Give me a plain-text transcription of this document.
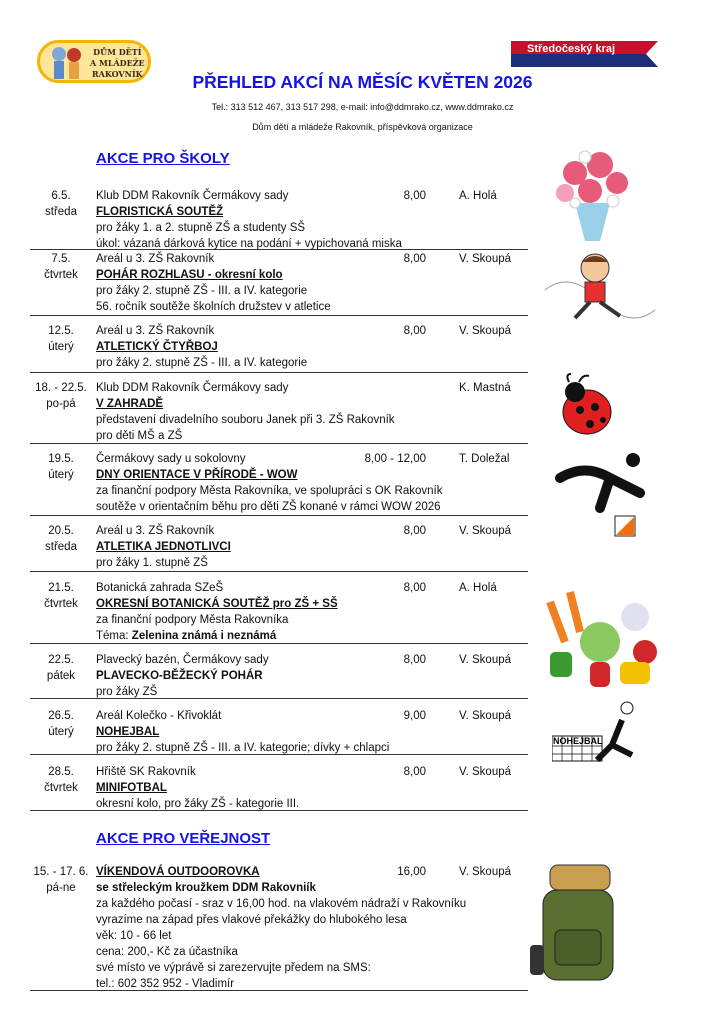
DŮM DĚTÍ
A MLÁDEŽE
RAKOVNÍK
Středočeský kraj
PŘEHLED AKCÍ NA MĚSÍC KVĚTEN 2026
Tel.: 313 512 467, 313 517 298, e-mail: info@ddmrako.cz, www.ddmrako.cz
Dům dětí a mládeže Rakovník, příspěvková organizace
AKCE PRO ŠKOLY
AKCE PRO VEŘEJNOST
6.5.	Klub DDM Rakovník Čermákovy sady	8,00	A. Holá
středa	FLORISTICKÁ SOUTĚŽ
pro žáky 1. a 2. stupně ZŠ a studenty SŠ
úkol: vázaná dárková kytice na podání + vypichovaná miska
7.5.	Areál u 3. ZŠ Rakovník	8,00	V. Skoupá
čtvrtek	POHÁR ROZHLASU - okresní kolo
pro žáky 2. stupně ZŠ - III. a IV. kategorie
56. ročník soutěže školních družstev v atletice
12.5.	Areál u 3. ZŠ Rakovník	8,00	V. Skoupá
úterý	ATLETICKÝ ČTYŘBOJ
pro žáky 2. stupně ZŠ - III. a IV. kategorie
18. - 22.5. Klub DDM Rakovník Čermákovy sady	K. Mastná
po-pá	V ZAHRADĚ
představení divadelního souboru Janek při 3. ZŠ Rakovník
pro děti MŠ a ZŠ
19.5.	Čermákovy sady u sokolovny	8,00 - 12,00	T. Doležal
úterý	DNY ORIENTACE V PŘÍRODĚ - WOW
za finanční podpory Města Rakovníka, ve spolupráci s OK Rakovník
soutěže v orientačním běhu pro děti ZŠ konané v rámci WOW 2026
20.5.	Areál u 3. ZŠ Rakovník	8,00	V. Skoupá
středa	ATLETIKA JEDNOTLIVCI
pro žáky 1. stupně ZŠ
21.5.	Botanická zahrada SZeŠ	8,00	A. Holá
čtvrtek	OKRESNÍ BOTANICKÁ SOUTĚŽ pro ZŠ + SŠ
za finanční podpory Města Rakovníka
Téma: Zelenina známá i neznámá
22.5.	Plavecký bazén, Čermákovy sady	8,00	V. Skoupá
pátek	PLAVECKO-BĚŽECKÝ POHÁR
pro žáky ZŠ
26.5.	Areál Kolečko - Křivoklát	9,00	V. Skoupá
úterý	NOHEJBAL
pro žáky 2. stupně ZŠ - III. a IV. kategorie; dívky + chlapci
28.5.	Hřiště SK Rakovník	8,00	V. Skoupá
čtvrtek	MINIFOTBAL
okresní kolo, pro žáky ZŠ - kategorie III.
15. - 17. 6. VÍKENDOVÁ OUTDOOROVKA	16,00	V. Skoupá
pá-ne	se střeleckým kroužkem DDM Rakovniík
za každého počasí - sraz v 16,00 hod. na vlakovém nádraží v Rakovníku
vyrazíme na západ přes vlakové překážky do hlubokého lesa
věk: 10 - 66 let
cena: 200,- Kč za účastníka
své místo ve výprávě si zarezervujte předem na SMS:
tel.: 602 352 952 - Vladimír
NOHEJBAL
